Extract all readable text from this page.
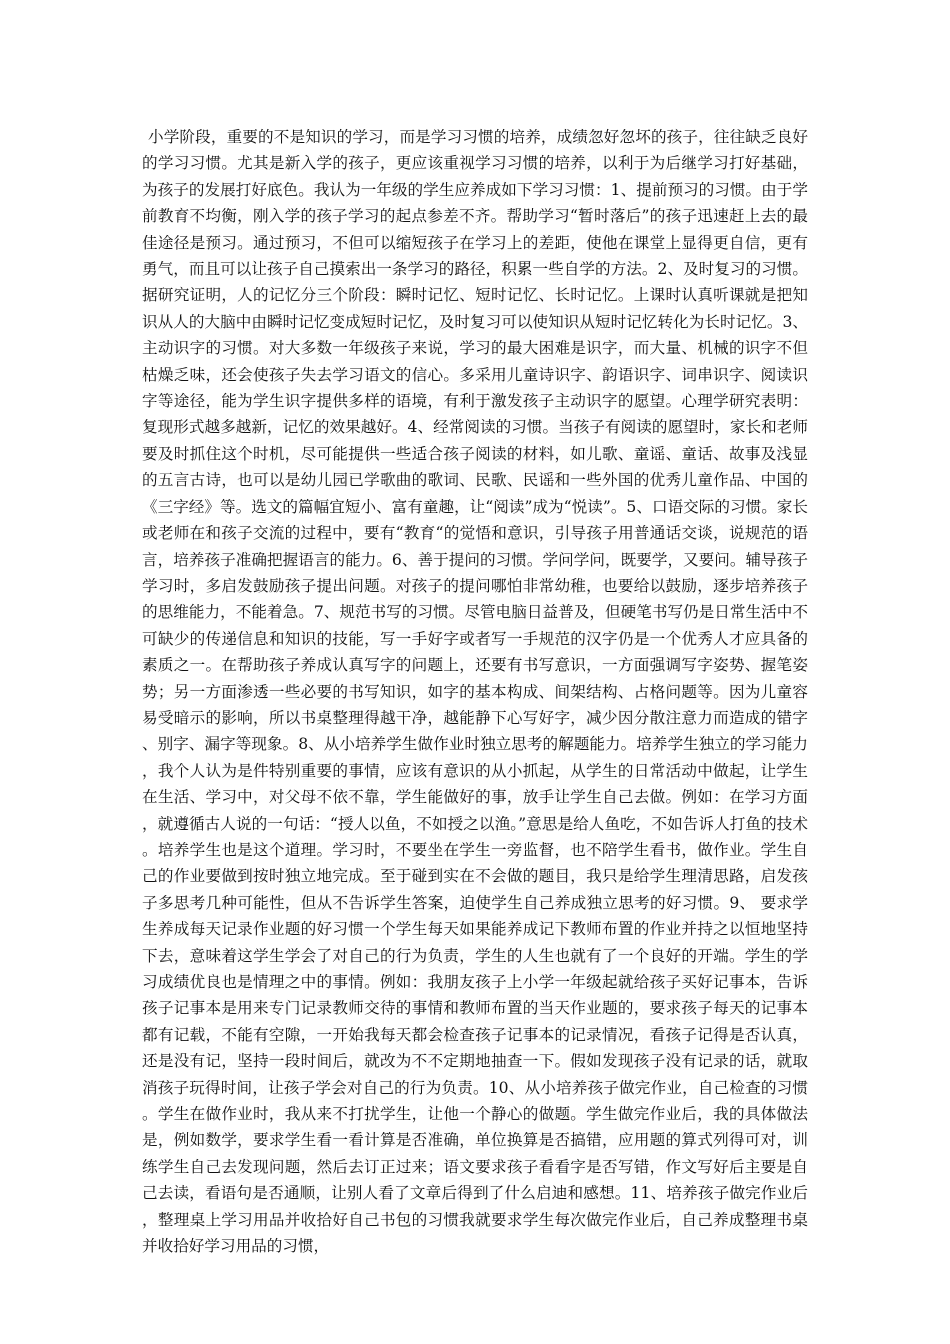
小学阶段，重要的不是知识的学习，而是学习习惯的培养，成绩忽好忽坏的孩子，往往缺乏良好的学习习惯。尤其是新入学的孩子，更应该重视学习习惯的培养，以利于为后继学习打好基础，为孩子的发展打好底色。我认为一年级的学生应养成如下学习习惯：1、提前预习的习惯。由于学前教育不均衡，刚入学的孩子学习的起点参差不齐。帮助学习“暂时落后”的孩子迅速赶上去的最佳途径是预习。通过预习，不但可以缩短孩子在学习上的差距，使他在课堂上显得更自信，更有勇气，而且可以让孩子自己摸索出一条学习的路径，积累一些自学的方法。2、及时复习的习惯。据研究证明，人的记忆分三个阶段：瞬时记忆、短时记忆、长时记忆。上课时认真听课就是把知识从人的大脑中由瞬时记忆变成短时记忆，及时复习可以使知识从短时记忆转化为长时记忆。3、主动识字的习惯。对大多数一年级孩子来说，学习的最大困难是识字，而大量、机械的识字不但枯燥乏味，还会使孩子失去学习语文的信心。多采用儿童诗识字、韵语识字、词串识字、阅读识字等途径，能为学生识字提供多样的语境，有利于激发孩子主动识字的愿望。心理学研究表明：复现形式越多越新，记忆的效果越好。4、经常阅读的习惯。当孩子有阅读的愿望时，家长和老师要及时抓住这个时机，尽可能提供一些适合孩子阅读的材料，如儿歌、童谣、童话、故事及浅显的五言古诗，也可以是幼儿园已学歌曲的歌词、民歌、民谣和一些外国的优秀儿童作品、中国的《三字经》等。选文的篇幅宜短小、富有童趣，让“阅读”成为“悦读”。5、口语交际的习惯。家长或老师在和孩子交流的过程中，要有“教育“的觉悟和意识，引导孩子用普通话交谈，说规范的语言，培养孩子准确把握语言的能力。6、善于提问的习惯。学问学问，既要学，又要问。辅导孩子学习时，多启发鼓励孩子提出问题。对孩子的提问哪怕非常幼稚，也要给以鼓励，逐步培养孩子的思维能力，不能着急。7、规范书写的习惯。尽管电脑日益普及，但硬笔书写仍是日常生活中不可缺少的传递信息和知识的技能，写一手好字或者写一手规范的汉字仍是一个优秀人才应具备的素质之一。在帮助孩子养成认真写字的问题上，还要有书写意识，一方面强调写字姿势、握笔姿势；另一方面渗透一些必要的书写知识，如字的基本构成、间架结构、占格问题等。因为儿童容易受暗示的影响，所以书桌整理得越干净，越能静下心写好字，减少因分散注意力而造成的错字、别字、漏字等现象。8、从小培养学生做作业时独立思考的解题能力。培养学生独立的学习能力，我个人认为是件特别重要的事情，应该有意识的从小抓起，从学生的日常活动中做起，让学生在生活、学习中，对父母不依不靠，学生能做好的事，放手让学生自己去做。例如：在学习方面，就遵循古人说的一句话：“授人以鱼，不如授之以渔。”意思是给人鱼吃，不如告诉人打鱼的技术。培养学生也是这个道理。学习时，不要坐在学生一旁监督，也不陪学生看书，做作业。学生自己的作业要做到按时独立地完成。至于碰到实在不会做的题目，我只是给学生理清思路，启发孩子多思考几种可能性，但从不告诉学生答案，迫使学生自己养成独立思考的好习惯。9、 要求学生养成每天记录作业题的好习惯一个学生每天如果能养成记下教师布置的作业并持之以恒地坚持下去，意味着这学生学会了对自己的行为负责，学生的人生也就有了一个良好的开端。学生的学习成绩优良也是情理之中的事情。例如：我朋友孩子上小学一年级起就给孩子买好记事本，告诉孩子记事本是用来专门记录教师交待的事情和教师布置的当天作业题的，要求孩子每天的记事本都有记载，不能有空隙，一开始我每天都会检查孩子记事本的记录情况，看孩子记得是否认真，还是没有记，坚持一段时间后，就改为不不定期地抽查一下。假如发现孩子没有记录的话，就取消孩子玩得时间，让孩子学会对自己的行为负责。10、从小培养孩子做完作业，自己检查的习惯。学生在做作业时，我从来不打扰学生，让他一个静心的做题。学生做完作业后，我的具体做法是，例如数学，要求学生看一看计算是否准确，单位换算是否搞错，应用题的算式列得可对，训练学生自己去发现问题，然后去订正过来；语文要求孩子看看字是否写错，作文写好后主要是自己去读，看语句是否通顺，让别人看了文章后得到了什么启迪和感想。11、培养孩子做完作业后，整理桌上学习用品并收拾好自己书包的习惯我就要求学生每次做完作业后，自己养成整理书桌并收拾好学习用品的习惯，
